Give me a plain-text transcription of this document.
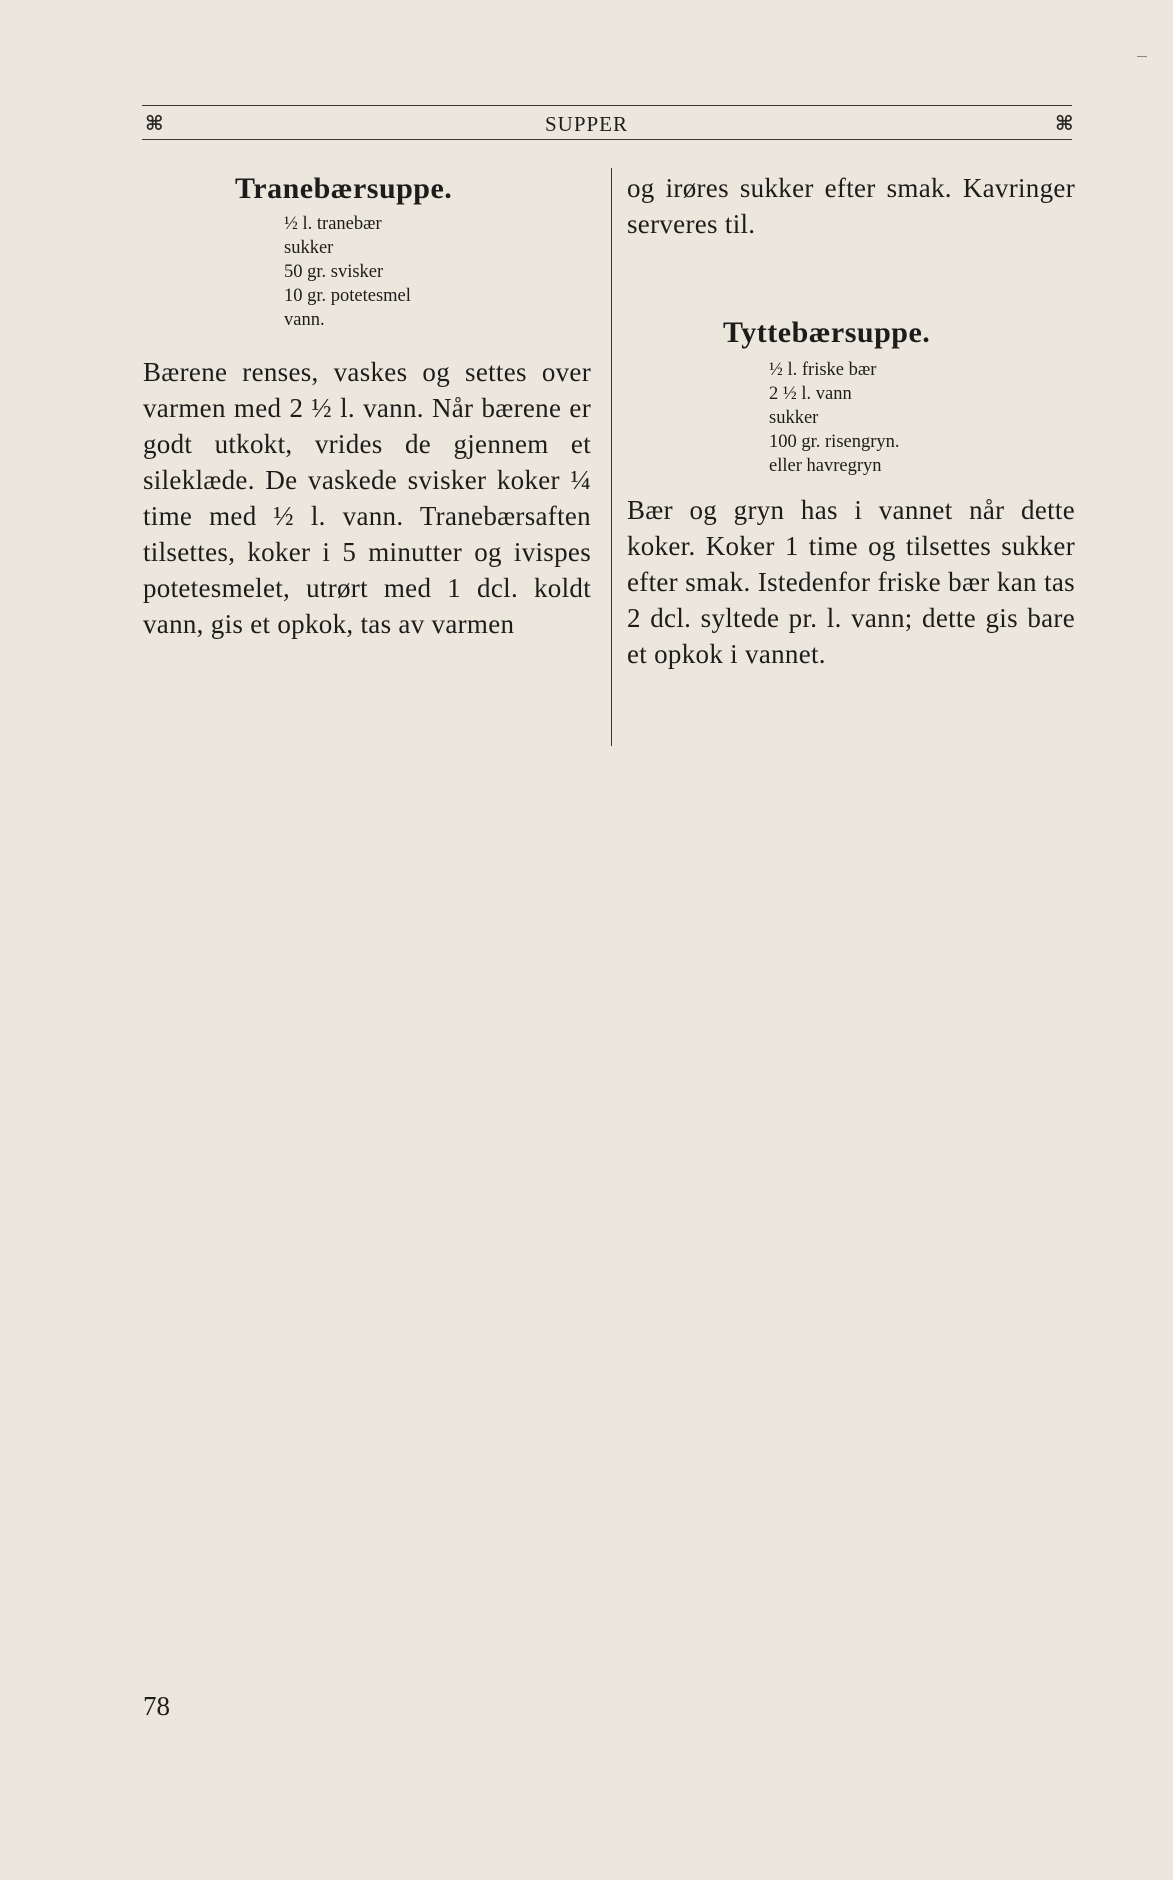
⌘	SUPPER	⌘
Tranebærsuppe.
½ l. tranebær
sukker
50 gr. svisker
10 gr. potetesmel
vann.

Bærene renses, vaskes og settes over varmen med 2 ½ l. vann. Når bærene er godt utkokt, vrides de gjennem et sileklæde. De vaskede svisker koker ¼ time med ½ l. vann. Tranebærsaften tilsettes, koker i 5 minutter og ivispes potetesmelet, utrørt med 1 dcl. koldt vann, gis et opkok, tas av varmen

og irøres sukker efter smak. Kavringer serveres til.

Tyttebærsuppe.
½ l. friske bær
2 ½ l. vann
sukker
100 gr. risengryn.
eller havregryn

Bær og gryn has i vannet når dette koker. Koker 1 time og tilsettes sukker efter smak. Istedenfor friske bær kan tas 2 dcl. syltede pr. l. vann; dette gis bare et opkok i vannet.

78
